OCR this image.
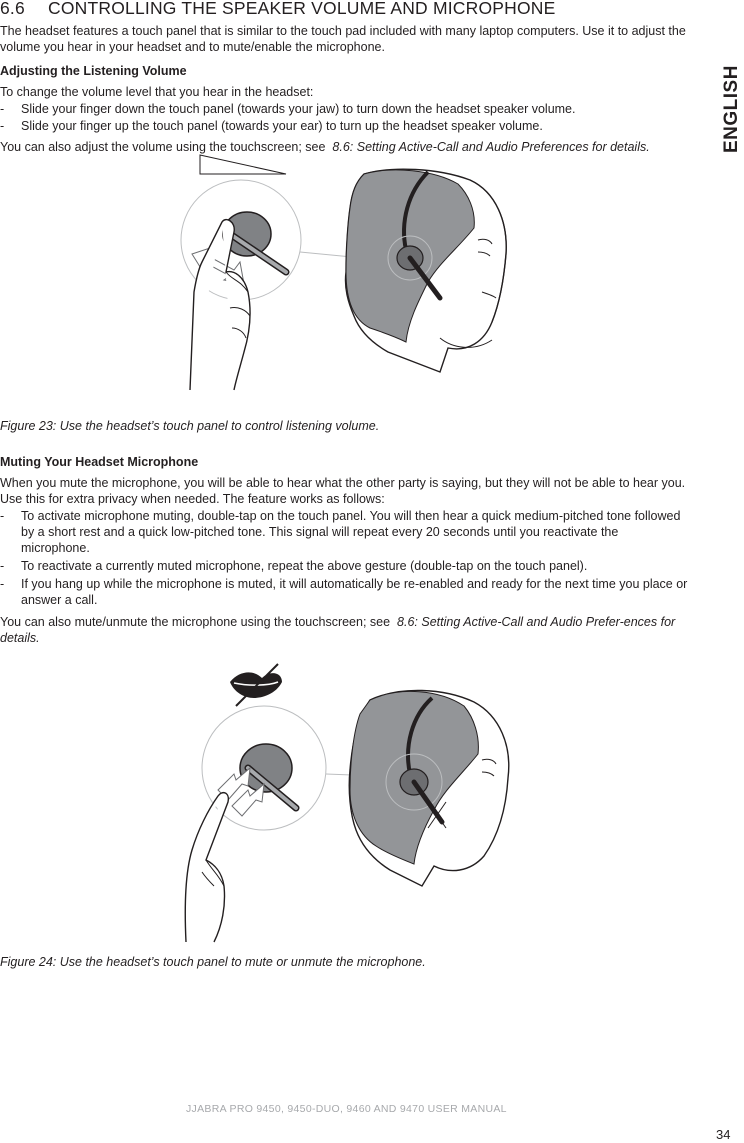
6.6 CONTROLLING THE SPEAKER VOLUME AND MICROPHONE

The headset features a touch panel that is similar to the touch pad included with many laptop computers. Use it to adjust the volume you hear in your headset and to mute/enable the microphone.

Adjusting the Listening Volume
To change the volume level that you hear in the headset:
- Slide your finger down the touch panel (towards your jaw) to turn down the headset speaker volume.
- Slide your finger up the touch panel (towards your ear) to turn up the headset speaker volume.
You can also adjust the volume using the touchscreen; see 8.6: Setting Active-Call and Audio Preferences for details.
Figure 23: Use the headset’s touch panel to control listening volume.
Muting Your Headset Microphone

When you mute the microphone, you will be able to hear what the other party is saying, but they will not be able to hear you. Use this for extra privacy when needed. The feature works as follows:

- To activate microphone muting, double-tap on the touch panel. You will then hear a quick medium-pitched tone followed by a short rest and a quick low-pitched tone. This signal will repeat every 20 seconds until you reactivate the microphone.
- To reactivate a currently muted microphone, repeat the above gesture (double-tap on the touch panel).
- If you hang up while the microphone is muted, it will automatically be re-enabled and ready for the next time you place or answer a call.
You can also mute/unmute the microphone using the touchscreen; see 8.6: Setting Active-Call and Audio Prefer-ences for details.
Figure 24: Use the headset’s touch panel to mute or unmute the microphone.
ENGLISH
JJABRA PRO 9450, 9450-DUO, 9460 AND 9470 USER MANUAL
34
